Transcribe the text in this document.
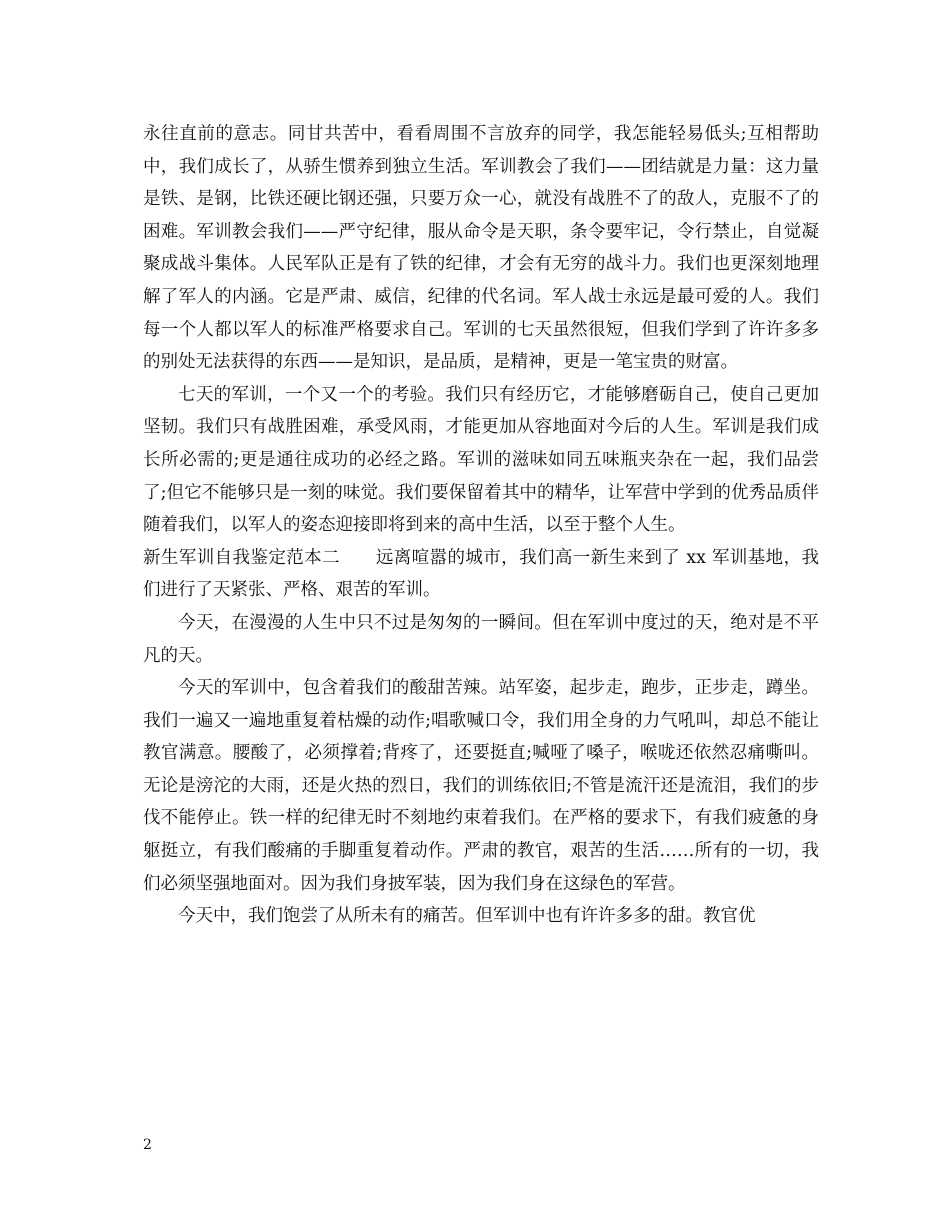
永往直前的意志。同甘共苦中，看看周围不言放弃的同学，我怎能轻易低头;互相帮助中，我们成长了，从骄生惯养到独立生活。军训教会了我们——团结就是力量：这力量是铁、是钢，比铁还硬比钢还强，只要万众一心，就没有战胜不了的敌人，克服不了的困难。军训教会我们——严守纪律，服从命令是天职，条令要牢记，令行禁止，自觉凝聚成战斗集体。人民军队正是有了铁的纪律，才会有无穷的战斗力。我们也更深刻地理解了军人的内涵。它是严肃、威信，纪律的代名词。军人战士永远是最可爱的人。我们每一个人都以军人的标准严格要求自己。军训的七天虽然很短，但我们学到了许许多多的别处无法获得的东西——是知识，是品质，是精神，更是一笔宝贵的财富。

七天的军训，一个又一个的考验。我们只有经历它，才能够磨砺自己，使自己更加坚韧。我们只有战胜困难，承受风雨，才能更加从容地面对今后的人生。军训是我们成长所必需的;更是通往成功的必经之路。军训的滋味如同五味瓶夹杂在一起，我们品尝了;但它不能够只是一刻的味觉。我们要保留着其中的精华，让军营中学到的优秀品质伴随着我们，以军人的姿态迎接即将到来的高中生活，以至于整个人生。

新生军训自我鉴定范本二　　远离喧嚣的城市，我们高一新生来到了 xx 军训基地，我们进行了天紧张、严格、艰苦的军训。

今天，在漫漫的人生中只不过是匆匆的一瞬间。但在军训中度过的天，绝对是不平凡的天。

今天的军训中，包含着我们的酸甜苦辣。站军姿，起步走，跑步，正步走，蹲坐。我们一遍又一遍地重复着枯燥的动作;唱歌喊口令，我们用全身的力气吼叫，却总不能让教官满意。腰酸了，必须撑着;背疼了，还要挺直;喊哑了嗓子，喉咙还依然忍痛嘶叫。无论是滂沱的大雨，还是火热的烈日，我们的训练依旧;不管是流汗还是流泪，我们的步伐不能停止。铁一样的纪律无时不刻地约束着我们。在严格的要求下，有我们疲惫的身躯挺立，有我们酸痛的手脚重复着动作。严肃的教官，艰苦的生活……所有的一切，我们必须坚强地面对。因为我们身披军装，因为我们身在这绿色的军营。

今天中，我们饱尝了从所未有的痛苦。但军训中也有许许多多的甜。教官优

2
